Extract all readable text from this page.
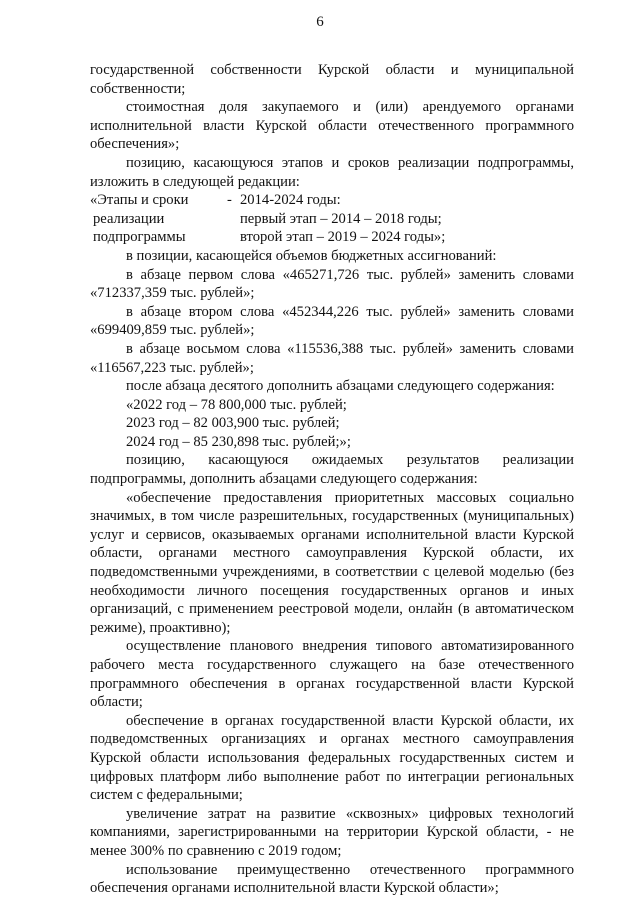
6

государственной собственности Курской области и муниципальной собственности;

стоимостная доля закупаемого и (или) арендуемого органами исполнительной власти Курской области отечественного программного обеспечения»;

позицию, касающуюся этапов и сроков реализации подпрограммы, изложить в следующей редакции:

«Этапы и сроки	- 2014-2024 годы:
реализации	первый этап – 2014 – 2018 годы;
подпрограммы	второй этап – 2019 – 2024 годы»;

в позиции, касающейся объемов бюджетных ассигнований:

в абзаце первом слова «465271,726 тыс. рублей» заменить словами «712337,359 тыс. рублей»;

в абзаце втором слова «452344,226 тыс. рублей» заменить словами «699409,859 тыс. рублей»;

в абзаце восьмом слова «115536,388 тыс. рублей» заменить словами «116567,223 тыс. рублей»;

после абзаца десятого дополнить абзацами следующего содержания:

«2022 год – 78 800,000 тыс. рублей;

2023 год – 82 003,900 тыс. рублей;

2024 год – 85 230,898 тыс. рублей;»;

позицию, касающуюся ожидаемых результатов реализации подпрограммы, дополнить абзацами следующего содержания:

«обеспечение предоставления приоритетных массовых социально значимых, в том числе разрешительных, государственных (муниципальных) услуг и сервисов, оказываемых органами исполнительной власти Курской области, органами местного самоуправления Курской области, их подведомственными учреждениями, в соответствии с целевой моделью (без необходимости личного посещения государственных органов и иных организаций, с применением реестровой модели, онлайн (в автоматическом режиме), проактивно);

осуществление планового внедрения типового автоматизированного рабочего места государственного служащего на базе отечественного программного обеспечения в органах государственной власти Курской области;

обеспечение в органах государственной власти Курской области, их подведомственных организациях и органах местного самоуправления Курской области использования федеральных государственных систем и цифровых платформ либо выполнение работ по интеграции региональных систем с федеральными;

увеличение затрат на развитие «сквозных» цифровых технологий компаниями, зарегистрированными на территории Курской области, - не менее 300% по сравнению с 2019 годом;

использование преимущественно отечественного программного обеспечения органами исполнительной власти Курской области»;
